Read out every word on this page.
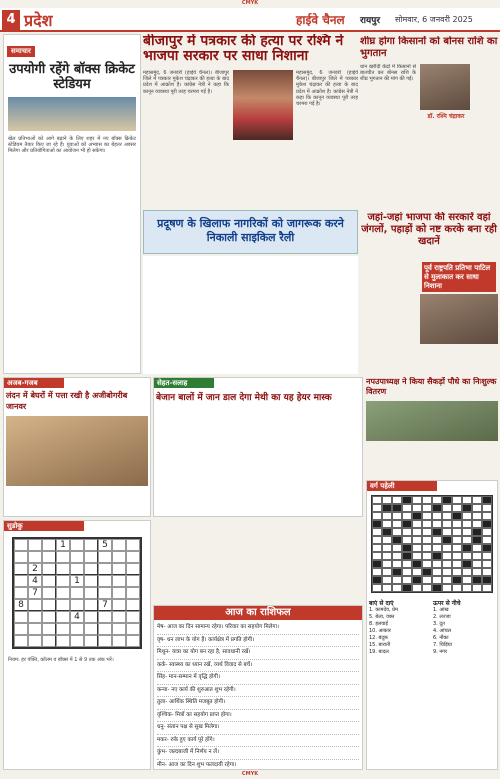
CMYK
4 प्रदेश	हाईवे चैनल रायपुर सोमवार, 6 जनवरी 2025
समाचार
उपयोगी रहेंगे बॉक्स क्रिकेट स्टेडियम
खेल प्रतिभाओं को आगे बढ़ाने के लिए शहर में नए बॉक्स क्रिकेट स्टेडियम तैयार किए जा रहे हैं। युवाओं को अभ्यास का बेहतर अवसर मिलेगा और प्रतियोगिताओं का आयोजन भी हो सकेगा।
बीजापुर में पत्रकार की हत्या पर रश्मि ने भाजपा सरकार पर साधा निशाना
महासमुंद, 6 जनवरी (हाईवे चैनल)। बीजापुर जिले में पत्रकार मुकेश चंद्राकर की हत्या के बाद प्रदेश में आक्रोश है। कांग्रेस नेत्री ने कहा कि कानून व्यवस्था पूरी तरह चरमरा गई है।
महासमुंद, 6 जनवरी (हाईवे चैनल)। बीजापुर जिले में पत्रकार मुकेश चंद्राकर की हत्या के बाद प्रदेश में आक्रोश है। कांग्रेस नेत्री ने कहा कि कानून व्यवस्था पूरी तरह चरमरा गई है।
शीघ्र होगा किसानों को बोनस राशि का भुगतान
डॉ. रश्मि चंद्राकर
धान खरीदी केंद्रों में किसानों से बातचीत कर बोनस राशि के शीघ्र भुगतान की मांग की गई।
प्रदूषण के खिलाफ नागरिकों को जागरूक करने निकाली साइकिल रैली
जहां-जहां भाजपा की सरकारें वहां जंगलों, पहाड़ों को नष्ट करके बना रही खदानें
पूर्व राष्ट्रपति प्रतिभा पाटिल से मुलाकात कर साधा निशाना
अजब-गजब
लंदन में बेघरों में पत्ता रखी है अजीबोगरीब जानवर
सेहत-सलाह
बेजान बालों में जान डाल देगा मेथी का यह हेयर मास्क
नपउपाध्यक्ष ने किया सैकड़ों पौधे का निःशुल्क वितरण
सुडोकु
1	5
2
4	1
7
8	7
4
नियम: हर पंक्ति, कॉलम व बॉक्स में 1 से 9 तक अंक भरें।
आज का राशिफल
मेष- आज का दिन सामान्य रहेगा। परिवार का सहयोग मिलेगा।
वृष- धन लाभ के योग हैं। कार्यक्षेत्र में प्रगति होगी।
मिथुन- यात्रा का योग बन रहा है, सावधानी रखें।
कर्क- स्वास्थ्य का ध्यान रखें, व्यर्थ विवाद से बचें।
सिंह- मान-सम्मान में वृद्धि होगी।
कन्या- नए कार्य की शुरुआत शुभ रहेगी।
तुला- आर्थिक स्थिति मजबूत होगी।
वृश्चिक- मित्रों का सहयोग प्राप्त होगा।
धनु- संतान पक्ष से सुख मिलेगा।
मकर- रुके हुए कार्य पूरे होंगे।
कुंभ- जल्दबाजी में निर्णय न लें।
मीन- आज का दिन शुभ फलदायी रहेगा।
वर्ग पहेली
बाएं से दाएं
1. कामदेव, प्रेम
5. बेला, वक्त
8. हलवाई
10. आकार
12. बंदूक
15. बाराती
19. बादल
ऊपर से नीचे
1. आंख
2. लज्जा
3. दूत
4. आंचल
6. नौका
7. चिड़िया
9. नगर
CMYK
